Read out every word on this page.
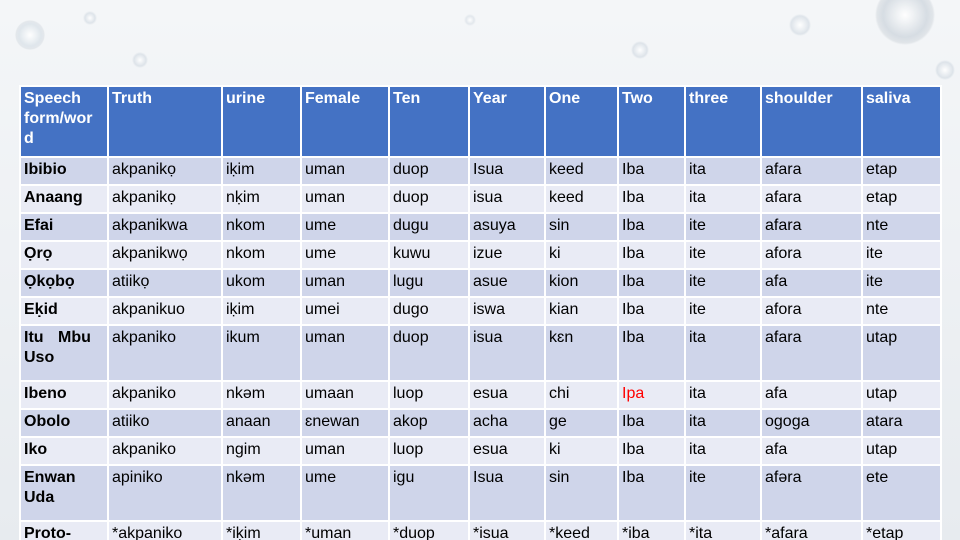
Speech
form/wor
d	Truth	urine	Female	Ten	Year	One	Two	three	shoulder	saliva
Ibibio	akpanikọ	iḳim	uman	duop	Isua	keed	Iba	ita	afara	etap
Anaang	akpanikọ	nḳim	uman	duop	isua	keed	Iba	ita	afara	etap
Efai	akpanikwa	nkom	ume	dugu	asuya	sin	Iba	ite	afara	nte
Ọrọ	akpanikwọ	nkom	ume	kuwu	izue	ki	Iba	ite	afora	ite
Ọkọbọ	atiikọ	ukom	uman	lugu	asue	kion	Iba	ite	afa	ite
Eḳid	akpanikuo	iḳim	umei	dugo	iswa	kian	Iba	ite	afora	nte

Itu Mbu
Uso	akpaniko	ikum	uman	duop	isua	kɛn	Iba	ita	afara	utap
Ibeno	akpaniko	nkəm	umaan	luop	esua	chi	Ipa	ita	afa	utap
Obolo	atiiko	anaan	ɛnewan	akop	acha	ge	Iba	ita	ogoga	atara
Iko	akpaniko	ngim	uman	luop	esua	ki	Iba	ita	afa	utap

Enwan
Uda	apiniko	nkəm	ume	igu	Isua	sin	Iba	ite	afəra	ete
Proto-	*akpaniko	*iḳim	*uman	*duop	*isua	*keed	*iba	*ita	*afara	*etap
